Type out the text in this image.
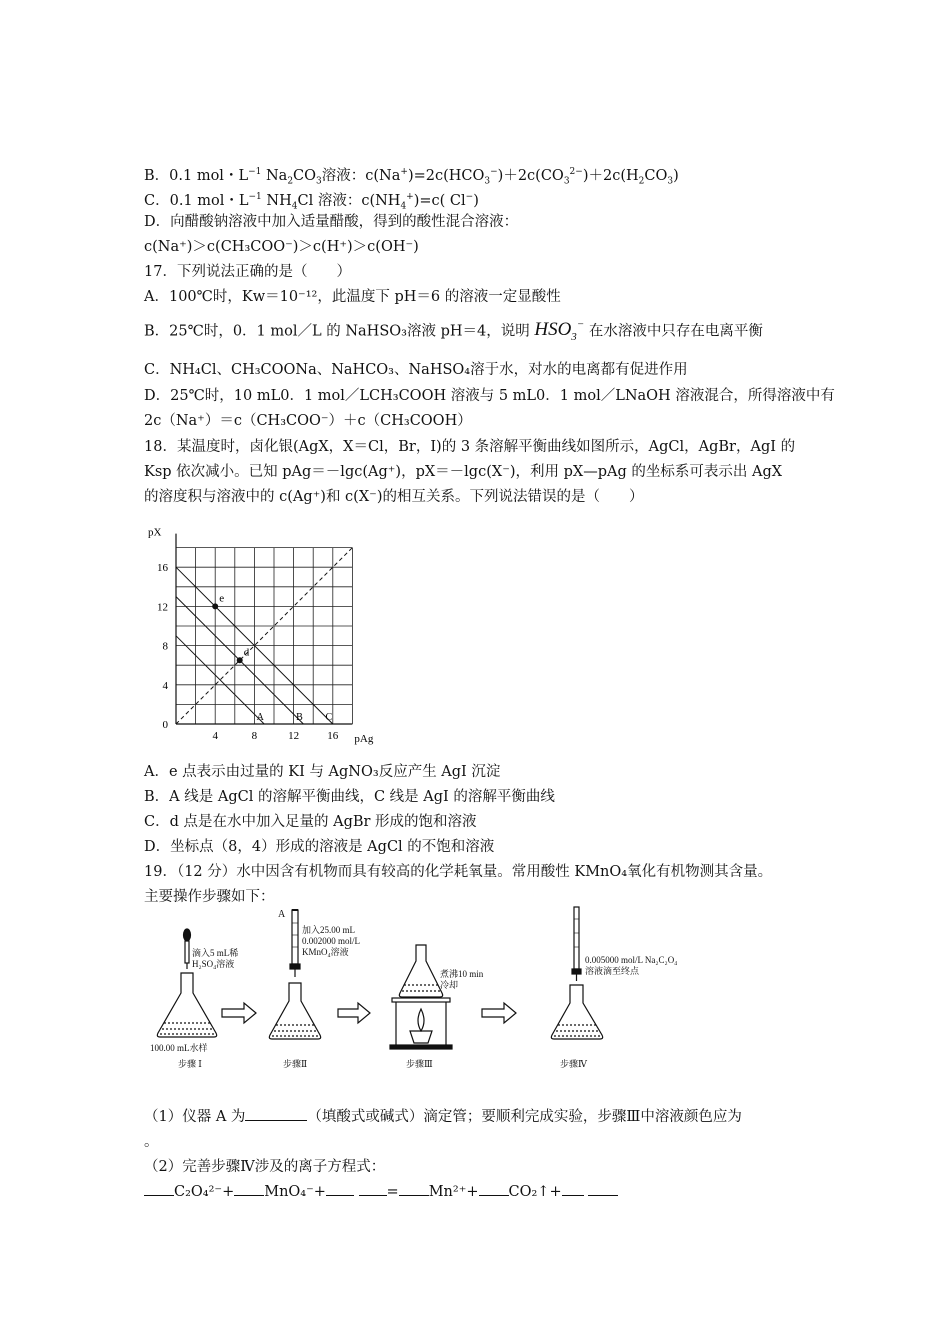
B．0.1 mol・$L^{-1}$ $Na_2CO_3$溶液：$c(Na^+)=2c(HCO_3^-)+2c(CO_3^{2-})+2c(H_2CO_3)$
C．0.1 mol・$L^{-1}$ $NH_4Cl$ 溶液：$c(NH_4^+)=c$( Cl−)
D．向醋酸钠溶液中加入适量醋酸，得到的酸性混合溶液：
c(Na⁺)＞c(CH₃COO⁻)＞c(H⁺)＞c(OH⁻)
17．下列说法正确的是（　　）
A．100℃时，Kw＝10⁻¹²，此温度下 pH＝6 的溶液一定显酸性
B．25℃时，0．1 mol／L 的 NaHSO₃溶液 pH＝4，说明 $HSO_3^-$ 在水溶液中只存在电离平衡
C．NH₄Cl、CH₃COONa、NaHCO₃、NaHSO₄溶于水，对水的电离都有促进作用
D．25℃时，10 mL0．1 mol／LCH₃COOH 溶液与 5 mL0．1 mol／LNaOH 溶液混合，所得溶液中有
2c（Na⁺）＝c（CH₃COO⁻）＋c（CH₃COOH）
18．某温度时，卤化银(AgX，X＝Cl，Br，I)的 3 条溶解平衡曲线如图所示，AgCl，AgBr，AgI 的
Ksp 依次减小。已知 pAg＝－lgc(Ag⁺)，pX＝－lgc(X⁻)，利用 pX—pAg 的坐标系可表示出 AgX
的溶度积与溶液中的 c(Ag⁺)和 c(X⁻)的相互关系。下列说法错误的是（　　）
pX
pAg
0
4
8
12
16
4	8	12	16
A	B C
e
d
A．e 点表示由过量的 KI 与 AgNO₃反应产生 AgI 沉淀
B．A 线是 AgCl 的溶解平衡曲线，C 线是 AgI 的溶解平衡曲线
C．d 点是在水中加入足量的 AgBr 形成的饱和溶液
D．坐标点（8，4）形成的溶液是 AgCl 的不饱和溶液
19．（12 分）水中因含有机物而具有较高的化学耗氧量。常用酸性 KMnO₄氧化有机物测其含量。
主要操作步骤如下：
滴入5 mL稀
H₂SO₄溶液
100.00 mL水样
步骤 Ⅰ
A
加入25.00 mL
0.002000 mol/L
KMnO₄溶液
步骤Ⅱ
煮沸10 min
冷却
步骤Ⅲ
0.005000 mol/L Na₂C₂O₄
溶液滴至终点
步骤Ⅳ
（1）仪器 A 为	（填酸式或碱式）滴定管；要顺利完成实验，步骤Ⅲ中溶液颜色应为
。
（2）完善步骤Ⅳ涉及的离子方程式：
C₂O₄²⁻+ MnO₄⁻+	= Mn²⁺+ CO₂↑+
